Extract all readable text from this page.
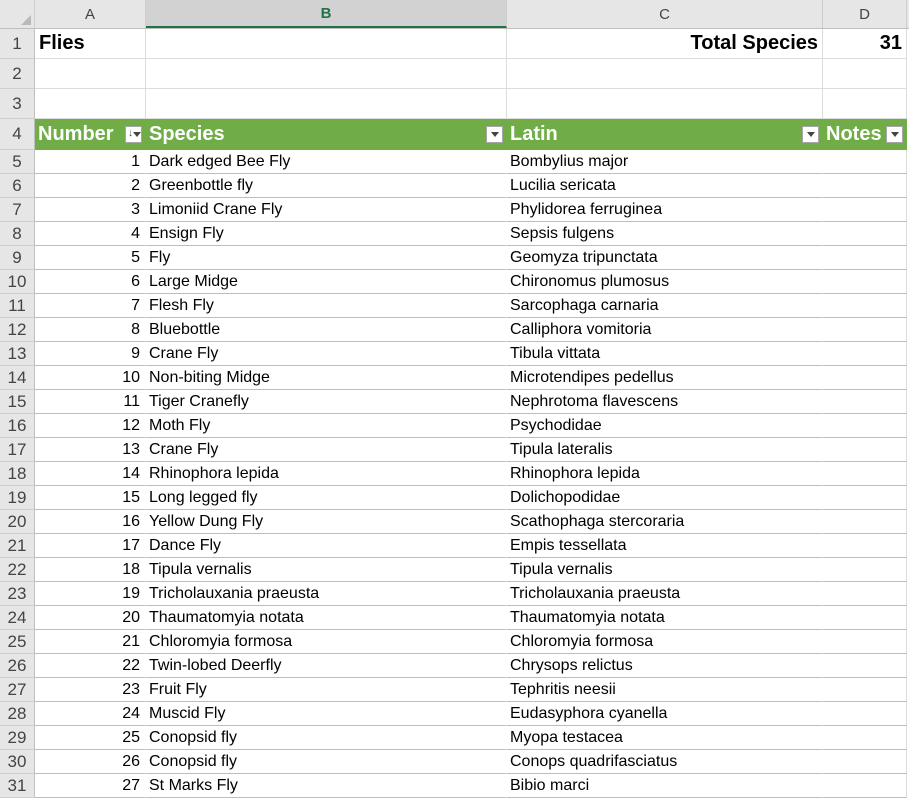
A	B	C	D
1 Flies	Total Species	31
2
3
4 Number
↓ Species	Latin	Notes
5	1 Dark edged Bee Fly	Bombylius major
6	2 Greenbottle fly	Lucilia sericata
7	3 Limoniid Crane Fly	Phylidorea ferruginea
8	4 Ensign Fly	Sepsis fulgens
9	5 Fly	Geomyza tripunctata
10	6 Large Midge	Chironomus plumosus
11	7 Flesh Fly	Sarcophaga carnaria
12	8 Bluebottle	Calliphora vomitoria
13	9 Crane Fly	Tibula vittata
14	10 Non-biting Midge	Microtendipes pedellus
15	11 Tiger Cranefly	Nephrotoma flavescens
16	12 Moth Fly	Psychodidae
17	13 Crane Fly	Tipula lateralis
18	14 Rhinophora lepida	Rhinophora lepida
19	15 Long legged fly	Dolichopodidae
20	16 Yellow Dung Fly	Scathophaga stercoraria
21	17 Dance Fly	Empis tessellata
22	18 Tipula vernalis	Tipula vernalis
23	19 Tricholauxania praeusta	Tricholauxania praeusta
24	20 Thaumatomyia notata	Thaumatomyia notata
25	21 Chloromyia formosa	Chloromyia formosa
26	22 Twin-lobed Deerfly	Chrysops relictus
27	23 Fruit Fly	Tephritis neesii
28	24 Muscid Fly	Eudasyphora cyanella
29	25 Conopsid fly	Myopa testacea
30	26 Conopsid fly	Conops quadrifasciatus
31	27 St Marks Fly	Bibio marci
